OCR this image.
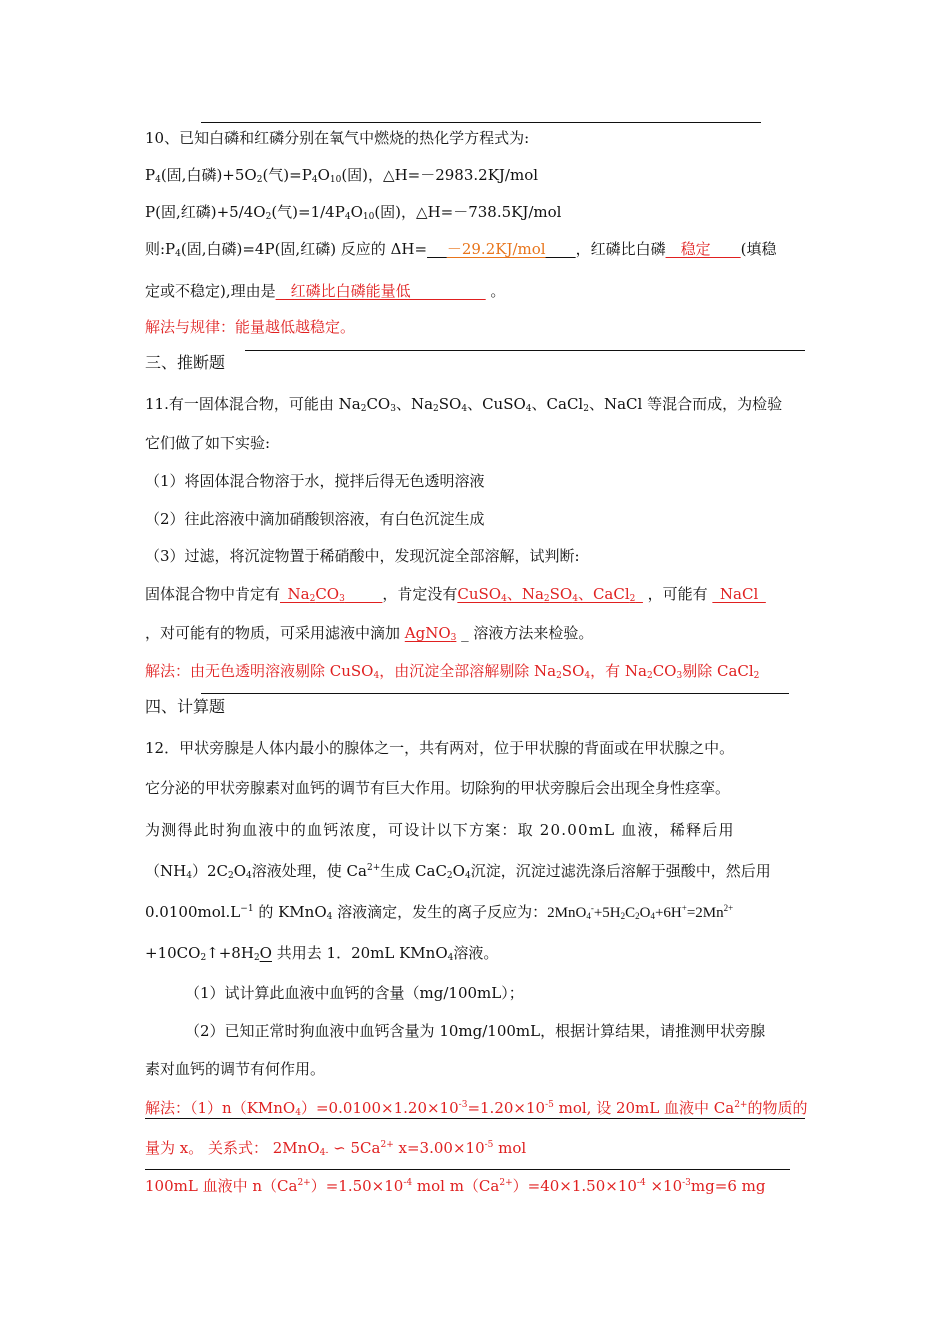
10、已知白磷和红磷分别在氧气中燃烧的热化学方程式为:
$P_4$(固,白磷)$+5O_2$(气)$=P_4O_{10}$(固)，△H=－2983.2KJ/mol
P(固,红磷)$+5/4O_2$(气)$=1/4P_4O_{10}$(固)，△H=－738.5KJ/mol
则$:P_4$(固,白磷)=4P(固,红磷) 反应的 ΔH=__ －29.2KJ/mol____，红磷比白磷__稳定____(填稳
定或不稳定),理由是__红磷比白磷能量低__________ 。
解法与规律：能量越低越稳定。
三、推断题
11.有一固体混合物，可能由 $Na_2CO_3$、$Na_2SO_4$、CuSO$_4$、CaCl$_2$、NaCl 等混合而成，为检验
它们做了如下实验:
（1）将固体混合物溶于水，搅拌后得无色透明溶液
（2）往此溶液中滴加硝酸钡溶液，有白色沉淀生成
（3）过滤，将沉淀物置于稀硝酸中，发现沉淀全部溶解，试判断:
固体混合物中肯定有$\_Na_2CO_3\_\_\_\_\_$，肯定没有CuSO$_4$、$Na_2SO_4$、CaCl$_2$_ ，可能有 _NaCl_
，对可能有的物质，可采用滤液中滴加 AgNO$_3$ _ 溶液方法来检验。
解法：由无色透明溶液剔除 CuSO$_4$，由沉淀全部溶解剔除 $Na_2SO_4$，有 $Na_2CO_3$剔除 CaCl$_2$
四、计算题
12．甲状旁腺是人体内最小的腺体之一，共有两对，位于甲状腺的背面或在甲状腺之中。
它分泌的甲状旁腺素对血钙的调节有巨大作用。切除狗的甲状旁腺后会出现全身性痉挛。
为测得此时狗血液中的血钙浓度，可设计以下方案：取 20.00mL 血液，稀释后用
$(NH_4)2C_2O_4$溶液处理，使 $Ca^{2+}$生成 $CaC_2O_4$沉淀，沉淀过滤洗涤后溶解于强酸中，然后用
$0.0100mol.L^{-1}$ 的 KMnO$_4$ 溶液滴定，发生的离子反应为：$2MnO_4^-+5H_2C_2O_4+6H^+=2Mn^{2+}$
$+10CO_2↑+8H_2O$ 共用去 1．20mL KMnO$_4$溶液。
（1）试计算此血液中血钙的含量（mg/100mL）；
（2）已知正常时狗血液中血钙含量为 10mg/100mL，根据计算结果，请推测甲状旁腺
素对血钙的调节有何作用。
解法：$(1)n(KMnO_4)=0.0100\times 1.20\times 10^{-3}=1.20\times 10^{-5}$ mol, 设 20mL 血液中 $Ca^{2+}$的物质的
量为 x。 关系式： 2MnO$_{4-}$ ∽ $5Ca^{2+}$ $x=3.00\times 10^{-5}$ mol
100mL 血液中 $n(Ca^{2+})=1.50\times 10^{-4}$ mol $m(Ca^{2+})=40\times 1.50\times 10^{-4} \times 10^{-3}mg=6$ mg
